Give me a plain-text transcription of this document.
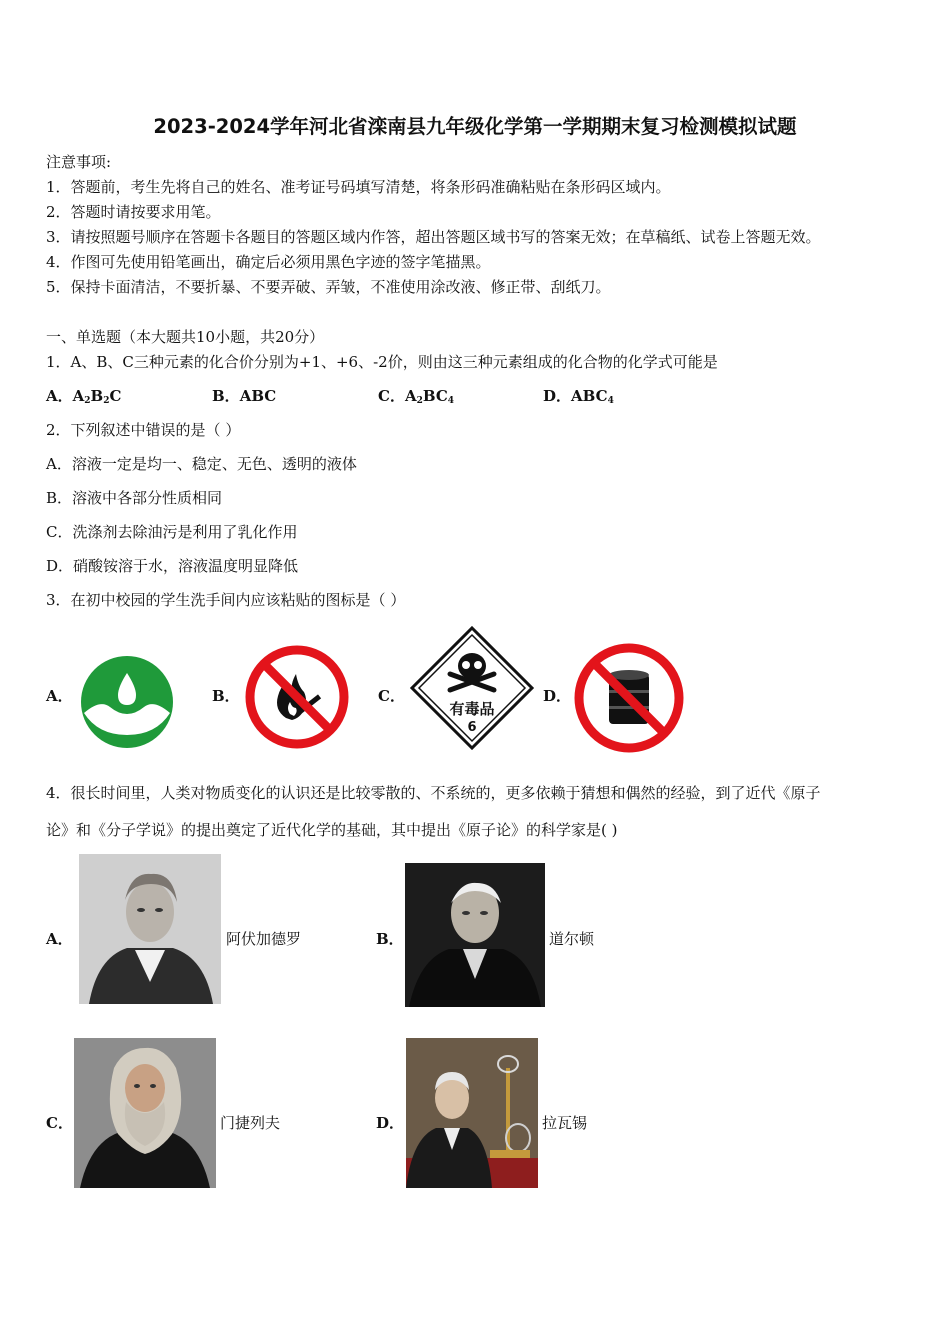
2023-2024学年河北省滦南县九年级化学第一学期期末复习检测模拟试题
注意事项:
1．答题前，考生先将自己的姓名、准考证号码填写清楚，将条形码准确粘贴在条形码区域内。
2．答题时请按要求用笔。
3．请按照题号顺序在答题卡各题目的答题区域内作答，超出答题区域书写的答案无效；在草稿纸、试卷上答题无效。
4．作图可先使用铅笔画出，确定后必须用黑色字迹的签字笔描黑。
5．保持卡面清洁，不要折暴、不要弄破、弄皱，不准使用涂改液、修正带、刮纸刀。
一、单选题（本大题共10小题，共20分）
1．A、B、C三种元素的化合价分别为+1、+6、-2价，则由这三种元素组成的化合物的化学式可能是
A．$A_2B_2C$	B．ABC	C．$A_2BC_4$	D．$ABC_4$
2．下列叙述中错误的是（ ）
A．溶液一定是均一、稳定、无色、透明的液体
B．溶液中各部分性质相同
C．洗涤剂去除油污是利用了乳化作用
D．硝酸铵溶于水，溶液温度明显降低
3．在初中校园的学生洗手间内应该粘贴的图标是（ ）
A．	B．	C．
有毒品
6
D．
4．很长时间里，人类对物质变化的认识还是比较零散的、不系统的，更多依赖于猜想和偶然的经验，到了近代《原子
论》和《分子学说》的提出奠定了近代化学的基础，其中提出《原子论》的科学家是( )
A．	阿伏加德罗	B．	道尔顿
C．	门捷列夫	D．	拉瓦锡
